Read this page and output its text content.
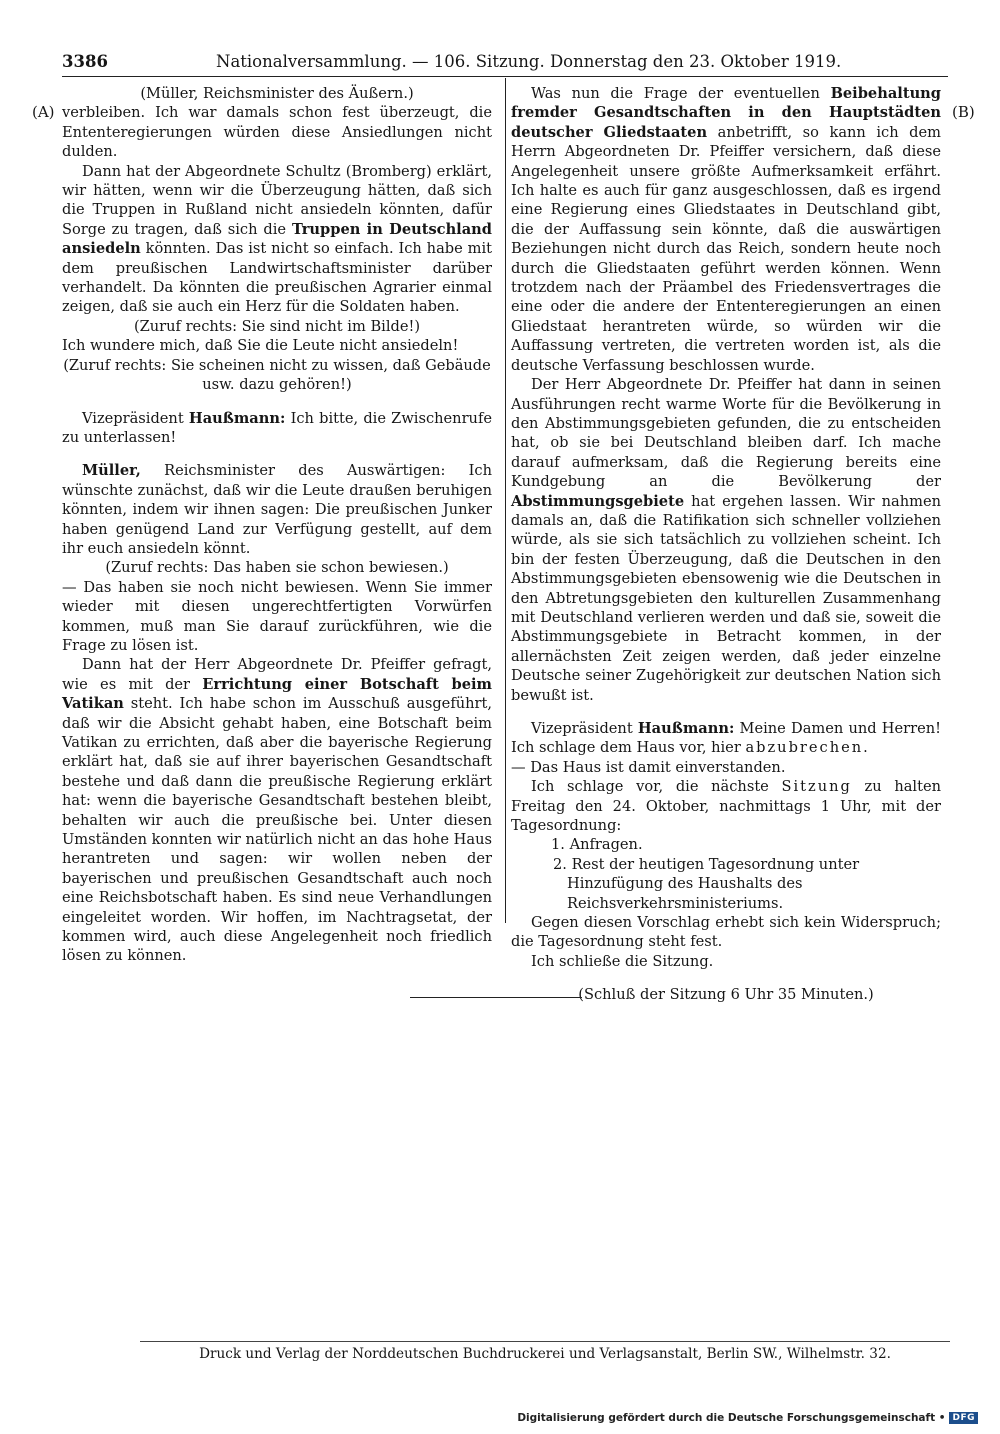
3386	Nationalversammlung. — 106. Sitzung. Donnerstag den 23. Oktober 1919.
(A)	(B)

(Müller, Reichsminister des Äußern.)

verbleiben. Ich war damals schon fest überzeugt, die Ententeregierungen würden diese Ansiedlungen nicht dulden.

Dann hat der Abgeordnete Schultz (Bromberg) erklärt, wir hätten, wenn wir die Überzeugung hätten, daß sich die Truppen in Rußland nicht ansiedeln könnten, dafür Sorge zu tragen, daß sich die Truppen in Deutschland ansiedeln könnten. Das ist nicht so einfach. Ich habe mit dem preußischen Landwirtschaftsminister darüber verhandelt. Da könnten die preußischen Agrarier einmal zeigen, daß sie auch ein Herz für die Soldaten haben.

(Zuruf rechts: Sie sind nicht im Bilde!)

Ich wundere mich, daß Sie die Leute nicht ansiedeln!

(Zuruf rechts: Sie scheinen nicht zu wissen, daß Gebäude usw. dazu gehören!)

Vizepräsident Haußmann: Ich bitte, die Zwischenrufe zu unterlassen!

Müller, Reichsminister des Auswärtigen: Ich wünschte zunächst, daß wir die Leute draußen beruhigen könnten, indem wir ihnen sagen: Die preußischen Junker haben genügend Land zur Verfügung gestellt, auf dem ihr euch ansiedeln könnt.

(Zuruf rechts: Das haben sie schon bewiesen.)

— Das haben sie noch nicht bewiesen. Wenn Sie immer wieder mit diesen ungerechtfertigten Vorwürfen kommen, muß man Sie darauf zurückführen, wie die Frage zu lösen ist.

Dann hat der Herr Abgeordnete Dr. Pfeiffer gefragt, wie es mit der Errichtung einer Botschaft beim Vatikan steht. Ich habe schon im Ausschuß ausgeführt, daß wir die Absicht gehabt haben, eine Botschaft beim Vatikan zu errichten, daß aber die bayerische Regierung erklärt hat, daß sie auf ihrer bayerischen Gesandtschaft bestehe und daß dann die preußische Regierung erklärt hat: wenn die bayerische Gesandtschaft bestehen bleibt, behalten wir auch die preußische bei. Unter diesen Umständen konnten wir natürlich nicht an das hohe Haus herantreten und sagen: wir wollen neben der bayerischen und preußischen Gesandtschaft auch noch eine Reichsbotschaft haben. Es sind neue Verhandlungen eingeleitet worden. Wir hoffen, im Nachtragsetat, der kommen wird, auch diese Angelegenheit noch friedlich lösen zu können.

Was nun die Frage der eventuellen Beibehaltung fremder Gesandtschaften in den Hauptstädten deutscher Gliedstaaten anbetrifft, so kann ich dem Herrn Abgeordneten Dr. Pfeiffer versichern, daß diese Angelegenheit unsere größte Aufmerksamkeit erfährt. Ich halte es auch für ganz ausgeschlossen, daß es irgend eine Regierung eines Gliedstaates in Deutschland gibt, die der Auffassung sein könnte, daß die auswärtigen Beziehungen nicht durch das Reich, sondern heute noch durch die Gliedstaaten geführt werden können. Wenn trotzdem nach der Präambel des Friedensvertrages die eine oder die andere der Ententeregierungen an einen Gliedstaat herantreten würde, so würden wir die Auffassung vertreten, die vertreten worden ist, als die deutsche Verfassung beschlossen wurde.

Der Herr Abgeordnete Dr. Pfeiffer hat dann in seinen Ausführungen recht warme Worte für die Bevölkerung in den Abstimmungsgebieten gefunden, die zu entscheiden hat, ob sie bei Deutschland bleiben darf. Ich mache darauf aufmerksam, daß die Regierung bereits eine Kundgebung an die Bevölkerung der Abstimmungsgebiete hat ergehen lassen. Wir nahmen damals an, daß die Ratifikation sich schneller vollziehen würde, als sie sich tatsächlich zu vollziehen scheint. Ich bin der festen Überzeugung, daß die Deutschen in den Abstimmungsgebieten ebensowenig wie die Deutschen in den Abtretungsgebieten den kulturellen Zusammenhang mit Deutschland verlieren werden und daß sie, soweit die Abstimmungsgebiete in Betracht kommen, in der allernächsten Zeit zeigen werden, daß jeder einzelne Deutsche seiner Zugehörigkeit zur deutschen Nation sich bewußt ist.

Vizepräsident Haußmann: Meine Damen und Herren! Ich schlage dem Haus vor, hier abzubrechen.

— Das Haus ist damit einverstanden.

Ich schlage vor, die nächste Sitzung zu halten Freitag den 24. Oktober, nachmittags 1 Uhr, mit der Tagesordnung:

1. Anfragen.

2. Rest der heutigen Tagesordnung unter Hinzufügung des Haushalts des Reichsverkehrsministeriums.

Gegen diesen Vorschlag erhebt sich kein Widerspruch; die Tagesordnung steht fest.

Ich schließe die Sitzung.

(Schluß der Sitzung 6 Uhr 35 Minuten.)

Druck und Verlag der Norddeutschen Buchdruckerei und Verlagsanstalt, Berlin SW., Wilhelmstr. 32.
Digitalisierung gefördert durch die Deutsche Forschungsgemeinschaft • DFG
